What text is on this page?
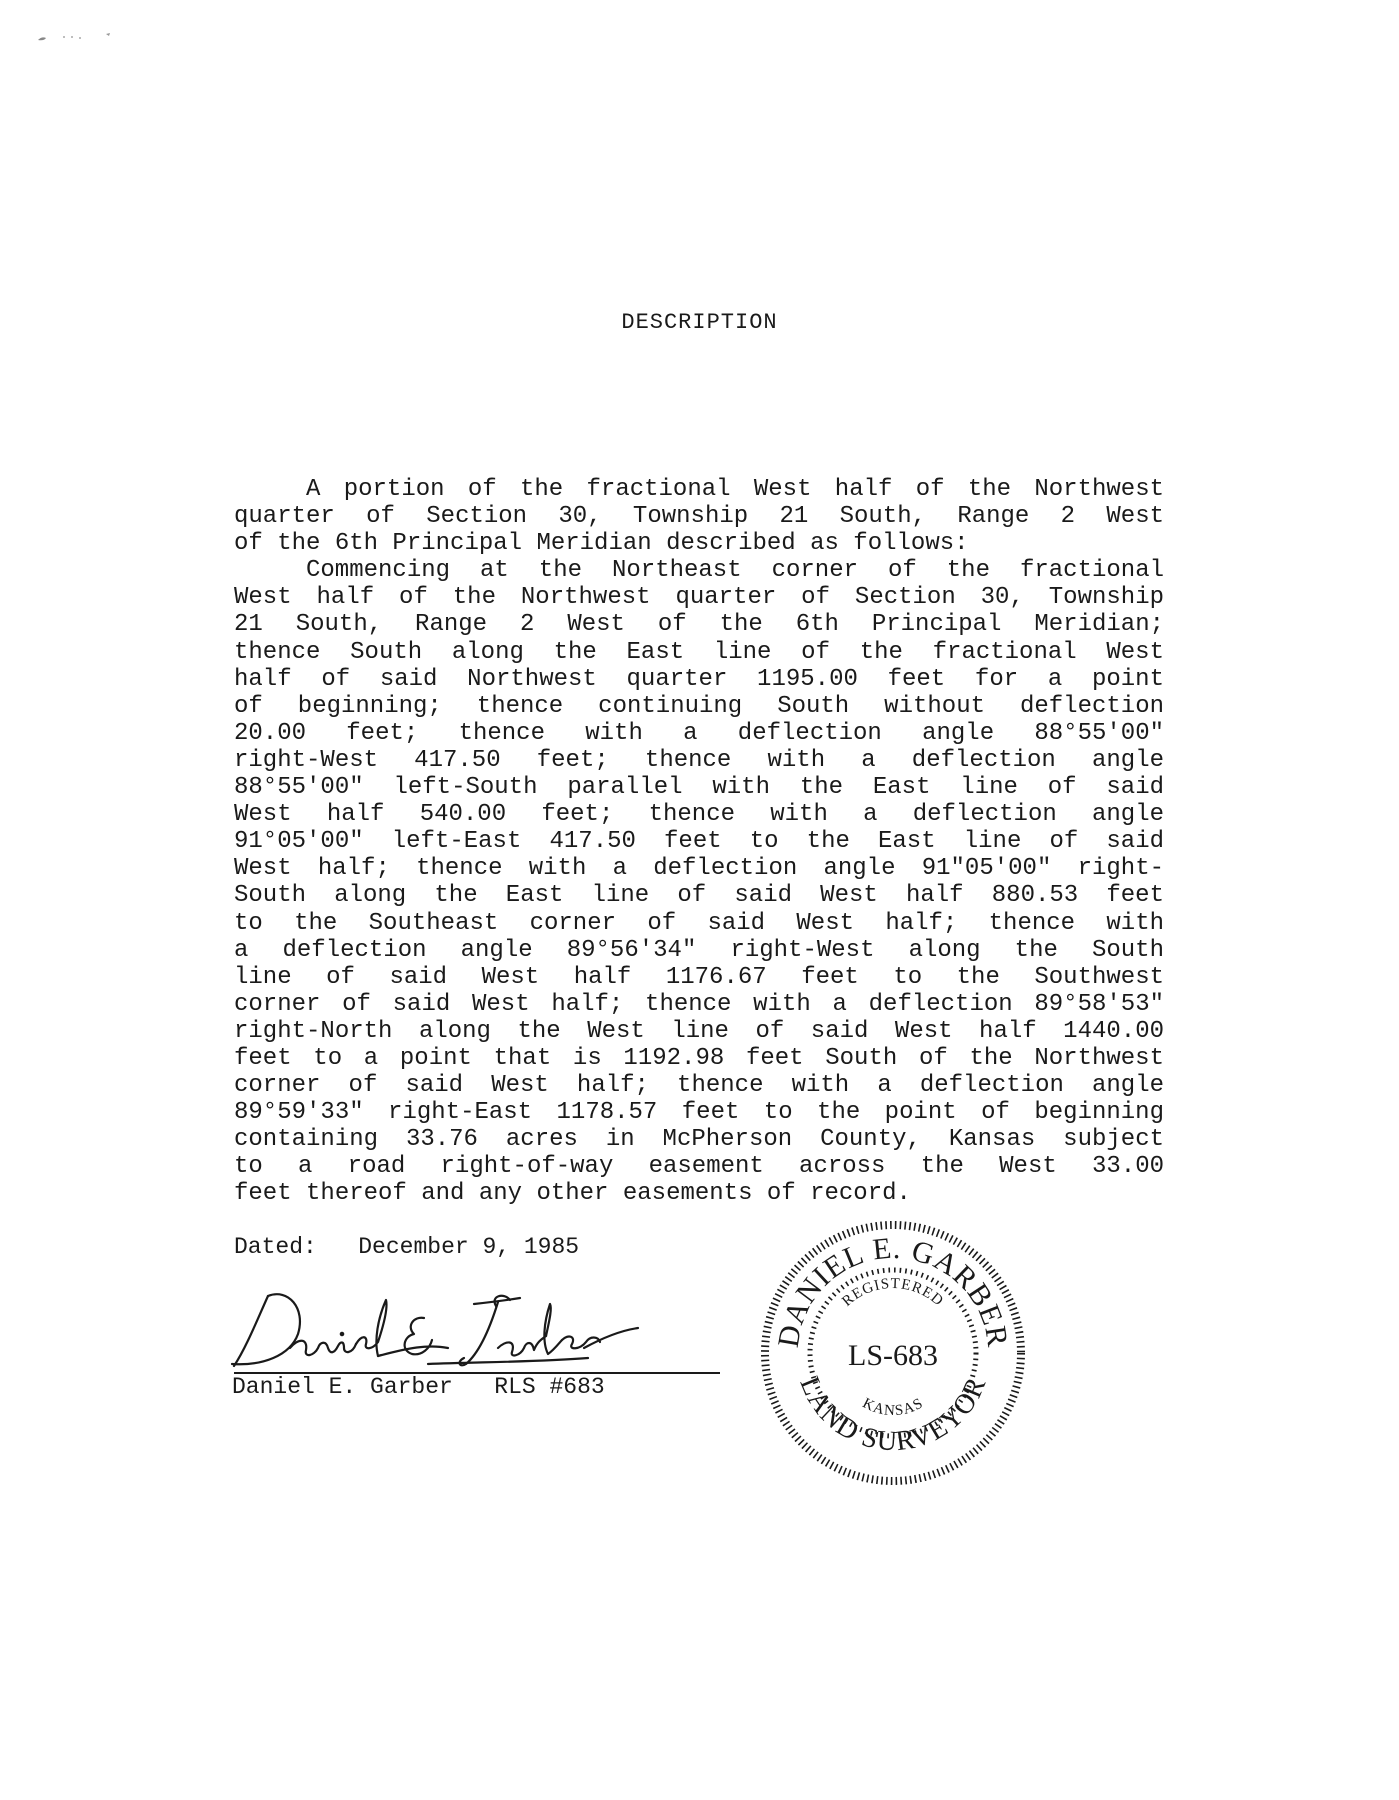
DESCRIPTION
A portion of the fractional West half of the Northwest
quarter of Section 30, Township 21 South, Range 2 West
of the 6th Principal Meridian described as follows:
Commencing at the Northeast corner of the fractional
West half of the Northwest quarter of Section 30, Township
21 South, Range 2 West of the 6th Principal Meridian;
thence South along the East line of the fractional West
half of said Northwest quarter 1195.00 feet for a point
of beginning; thence continuing South without deflection
20.00 feet; thence with a deflection angle 88°55'00"
right-West 417.50 feet; thence with a deflection angle
88°55'00" left-South parallel with the East line of said
West half 540.00 feet; thence with a deflection angle
91°05'00" left-East 417.50 feet to the East line of said
West half; thence with a deflection angle 91"05'00" right-
South along the East line of said West half 880.53 feet
to the Southeast corner of said West half; thence with
a deflection angle 89°56'34" right-West along the South
line of said West half 1176.67 feet to the Southwest
corner of said West half; thence with a deflection 89°58'53"
right-North along the West line of said West half 1440.00
feet to a point that is 1192.98 feet South of the Northwest
corner of said West half; thence with a deflection angle
89°59'33" right-East 1178.57 feet to the point of beginning
containing 33.76 acres in McPherson County, Kansas subject
to a road right-of-way easement across the West 33.00
feet thereof and any other easements of record.
Dated: December 9, 1985
Daniel E. Garber RLS #683
DANIEL E. GARBER
REGISTERED
LS-683
KANSAS
LAND SURVEYOR
